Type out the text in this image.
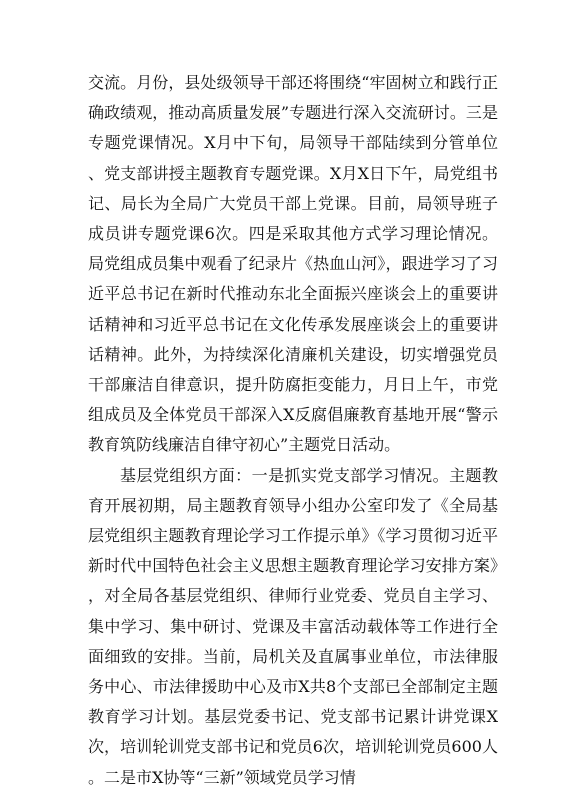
交流。月份，县处级领导干部还将围绕“牢固树立和践行正确政绩观，推动高质量发展”专题进行深入交流研讨。三是专题党课情况。X月中下旬，局领导干部陆续到分管单位、党支部讲授主题教育专题党课。X月X日下午，局党组书记、局长为全局广大党员干部上党课。目前，局领导班子成员讲专题党课6次。四是采取其他方式学习理论情况。局党组成员集中观看了纪录片《热血山河》，跟进学习了习近平总书记在新时代推动东北全面振兴座谈会上的重要讲话精神和习近平总书记在文化传承发展座谈会上的重要讲话精神。此外，为持续深化清廉机关建设，切实增强党员干部廉洁自律意识，提升防腐拒变能力，月日上午，市党组成员及全体党员干部深入X反腐倡廉教育基地开展“警示教育筑防线廉洁自律守初心”主题党日活动。

基层党组织方面：一是抓实党支部学习情况。主题教育开展初期，局主题教育领导小组办公室印发了《全局基层党组织主题教育理论学习工作提示单》《学习贯彻习近平新时代中国特色社会主义思想主题教育理论学习安排方案》，对全局各基层党组织、律师行业党委、党员自主学习、集中学习、集中研讨、党课及丰富活动载体等工作进行全面细致的安排。当前，局机关及直属事业单位，市法律服务中心、市法律援助中心及市X共8个支部已全部制定主题教育学习计划。基层党委书记、党支部书记累计讲党课X次，培训轮训党支部书记和党员6次，培训轮训党员600人。二是市X协等“三新”领域党员学习情
